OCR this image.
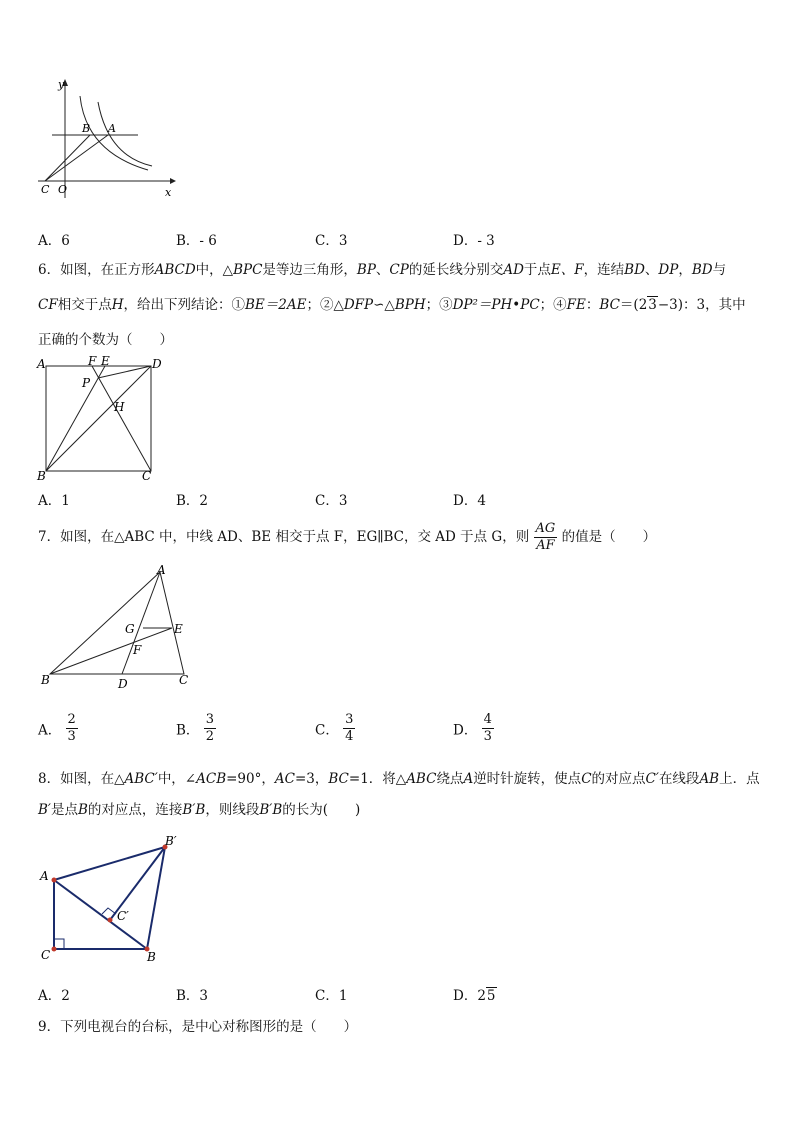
y
x
B A
C O
A．6	B．- 6	C．3	D．- 3
6．如图，在正方形ABCD中，△BPC是等边三角形，BP、CP的延长线分别交AD于点E、F，连结BD、DP，BD与
CF相交于点H，给出下列结论：①BE＝2AE；②△DFP∽△BPH；③DP²＝PH•PC；④FE：BC＝(23−3)：3，其中
正确的个数为（　　）
A	F E	D
P
H
B	C
A．1	B．2	C．3	D．4
7．如图，在△ABC 中，中线 AD、BE 相交于点 F，EG∥BC，交 AD 于点 G，则 $\frac{AG}{AF}$ 的值是（　　）
A
G	E
F
B	D	C
A． $\frac{2}{3}$	B． $\frac{3}{2}$	C． $\frac{3}{4}$	D． $\frac{4}{3}$
8．如图，在△ABC′中，∠ACB=90°，AC=3，BC=1．将△ABC绕点A逆时针旋转，使点C的对应点C′在线段AB上．点
B′是点B的对应点，连接B′B，则线段B′B的长为(　　)
B′
A
C′
C	B
A．2	B．3	C．1	D．25
9．下列电视台的台标，是中心对称图形的是（　　）
